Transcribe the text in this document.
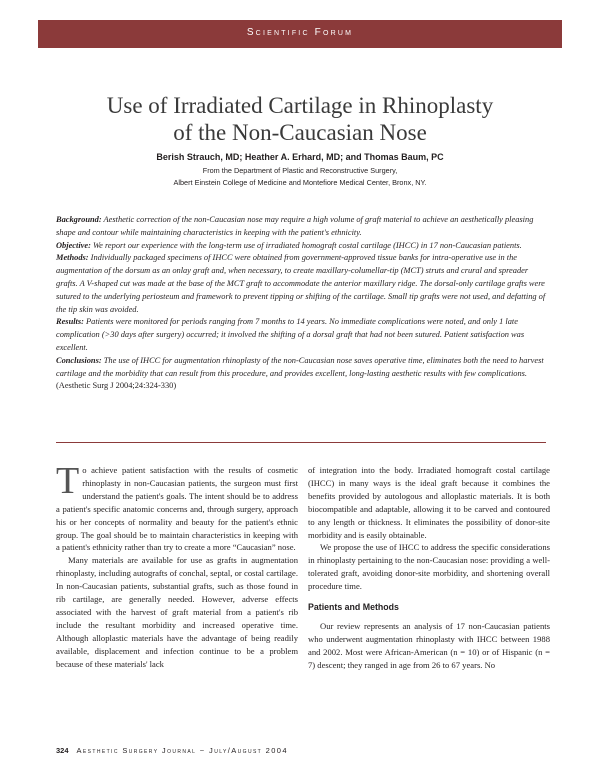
Scientific Forum
Use of Irradiated Cartilage in Rhinoplasty
of the Non-Caucasian Nose
Berish Strauch, MD; Heather A. Erhard, MD; and Thomas Baum, PC
From the Department of Plastic and Reconstructive Surgery,
Albert Einstein College of Medicine and Montefiore Medical Center, Bronx, NY.

Background: Aesthetic correction of the non-Caucasian nose may require a high volume of graft material to achieve an aesthetically pleasing shape and contour while maintaining characteristics in keeping with the patient's ethnicity.

Objective: We report our experience with the long-term use of irradiated homograft costal cartilage (IHCC) in 17 non-Caucasian patients.

Methods: Individually packaged specimens of IHCC were obtained from government-approved tissue banks for intra-operative use in the augmentation of the dorsum as an onlay graft and, when necessary, to create maxillary-columellar-tip (MCT) struts and crural and spreader grafts. A V-shaped cut was made at the base of the MCT graft to accommodate the anterior maxillary ridge. The dorsal-only cartilage grafts were sutured to the underlying periosteum and framework to prevent tipping or shifting of the cartilage. Small tip grafts were not used, and defatting of the tip skin was avoided.

Results: Patients were monitored for periods ranging from 7 months to 14 years. No immediate complications were noted, and only 1 late complication (>30 days after surgery) occurred; it involved the shifting of a dorsal graft that had not been sutured. Patient satisfaction was excellent.

Conclusions: The use of IHCC for augmentation rhinoplasty of the non-Caucasian nose saves operative time, eliminates both the need to harvest cartilage and the morbidity that can result from this procedure, and provides excellent, long-lasting aesthetic results with few complications. (Aesthetic Surg J 2004;24:324-330)

To achieve patient satisfaction with the results of cosmetic rhinoplasty in non-Caucasian patients, the surgeon must first understand the patient's goals. The intent should be to address a patient's specific anatomic concerns and, through surgery, approach his or her concepts of normality and beauty for the patient's ethnic group. The goal should be to maintain characteristics in keeping with a patient's ethnicity rather than try to create a more “Caucasian” nose.

Many materials are available for use as grafts in augmentation rhinoplasty, including autografts of conchal, septal, or costal cartilage. In non-Caucasian patients, substantial grafts, such as those found in rib cartilage, are generally needed. However, adverse effects associated with the harvest of graft material from a patient's rib include the resultant morbidity and increased operative time. Although alloplastic materials have the advantage of being readily available, displacement and infection continue to be a problem because of these materials' lack

of integration into the body. Irradiated homograft costal cartilage (IHCC) in many ways is the ideal graft because it combines the benefits provided by autologous and alloplastic materials. It is both biocompatible and adaptable, allowing it to be carved and contoured to any length or thickness. It eliminates the possibility of donor-site morbidity and is easily obtainable.

We propose the use of IHCC to address the specific considerations in rhinoplasty pertaining to the non-Caucasian nose: providing a well-tolerated graft, avoiding donor-site morbidity, and shortening overall procedure time.

Patients and Methods

Our review represents an analysis of 17 non-Caucasian patients who underwent augmentation rhinoplasty with IHCC between 1988 and 2002. Most were African-American (n = 10) or of Hispanic (n = 7) descent; they ranged in age from 26 to 67 years. No

324 Aesthetic Surgery Journal ~ July/August 2004
